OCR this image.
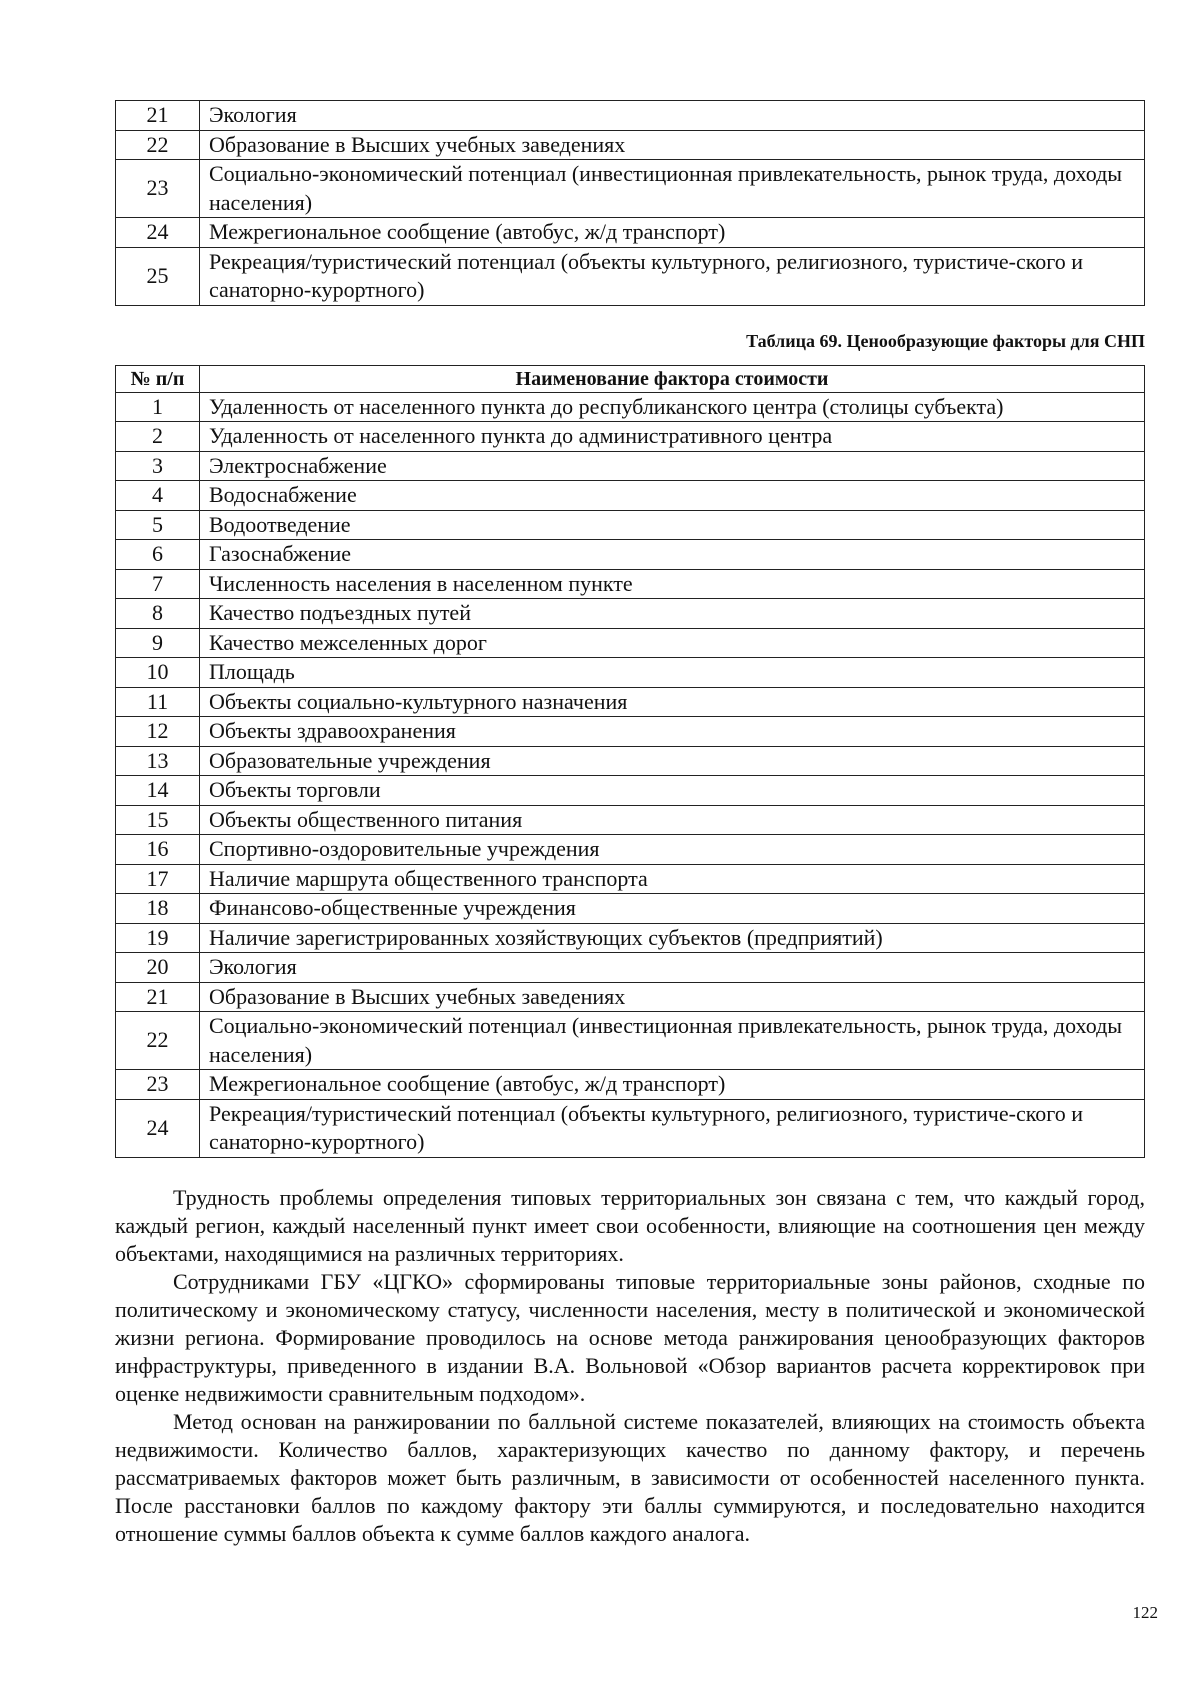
21	Экология
22	Образование в Высших учебных заведениях
23	Социально-экономический потенциал (инвестиционная привлекательность, рынок труда, доходы населения)
24	Межрегиональное сообщение (автобус, ж/д транспорт)
25	Рекреация/туристический потенциал (объекты культурного, религиозного, туристиче-ского и санаторно-курортного)
Таблица 69. Ценообразующие факторы для СНП
№ п/п	Наименование фактора стоимости
1	Удаленность от населенного пункта до республиканского центра (столицы субъекта)
2	Удаленность от населенного пункта до административного центра
3	Электроснабжение
4	Водоснабжение
5	Водоотведение
6	Газоснабжение
7	Численность населения в населенном пункте
8	Качество подъездных путей
9	Качество межселенных дорог
10	Площадь
11	Объекты социально-культурного назначения
12	Объекты здравоохранения
13	Образовательные учреждения
14	Объекты торговли
15	Объекты общественного питания
16	Спортивно-оздоровительные учреждения
17	Наличие маршрута общественного транспорта
18	Финансово-общественные учреждения
19	Наличие зарегистрированных хозяйствующих субъектов (предприятий)
20	Экология
21	Образование в Высших учебных заведениях
22	Социально-экономический потенциал (инвестиционная привлекательность, рынок труда, доходы населения)
23	Межрегиональное сообщение (автобус, ж/д транспорт)
24	Рекреация/туристический потенциал (объекты культурного, религиозного, туристиче-ского и санаторно-курортного)

Трудность проблемы определения типовых территориальных зон связана с тем, что каждый город, каждый регион, каждый населенный пункт имеет свои особенности, влияющие на соотношения цен между объектами, находящимися на различных территориях.

Сотрудниками ГБУ «ЦГКО» сформированы типовые территориальные зоны районов, сходные по политическому и экономическому статусу, численности населения, месту в политической и экономической жизни региона. Формирование проводилось на основе метода ранжирования ценообразующих факторов инфраструктуры, приведенного в издании В.А. Вольновой «Обзор вариантов расчета корректировок при оценке недвижимости сравнительным подходом».

Метод основан на ранжировании по балльной системе показателей, влияющих на стоимость объекта недвижимости. Количество баллов, характеризующих качество по данному фактору, и перечень рассматриваемых факторов может быть различным, в зависимости от особенностей населенного пункта. После расстановки баллов по каждому фактору эти баллы суммируются, и последовательно находится отношение суммы баллов объекта к сумме баллов каждого аналога.

122
